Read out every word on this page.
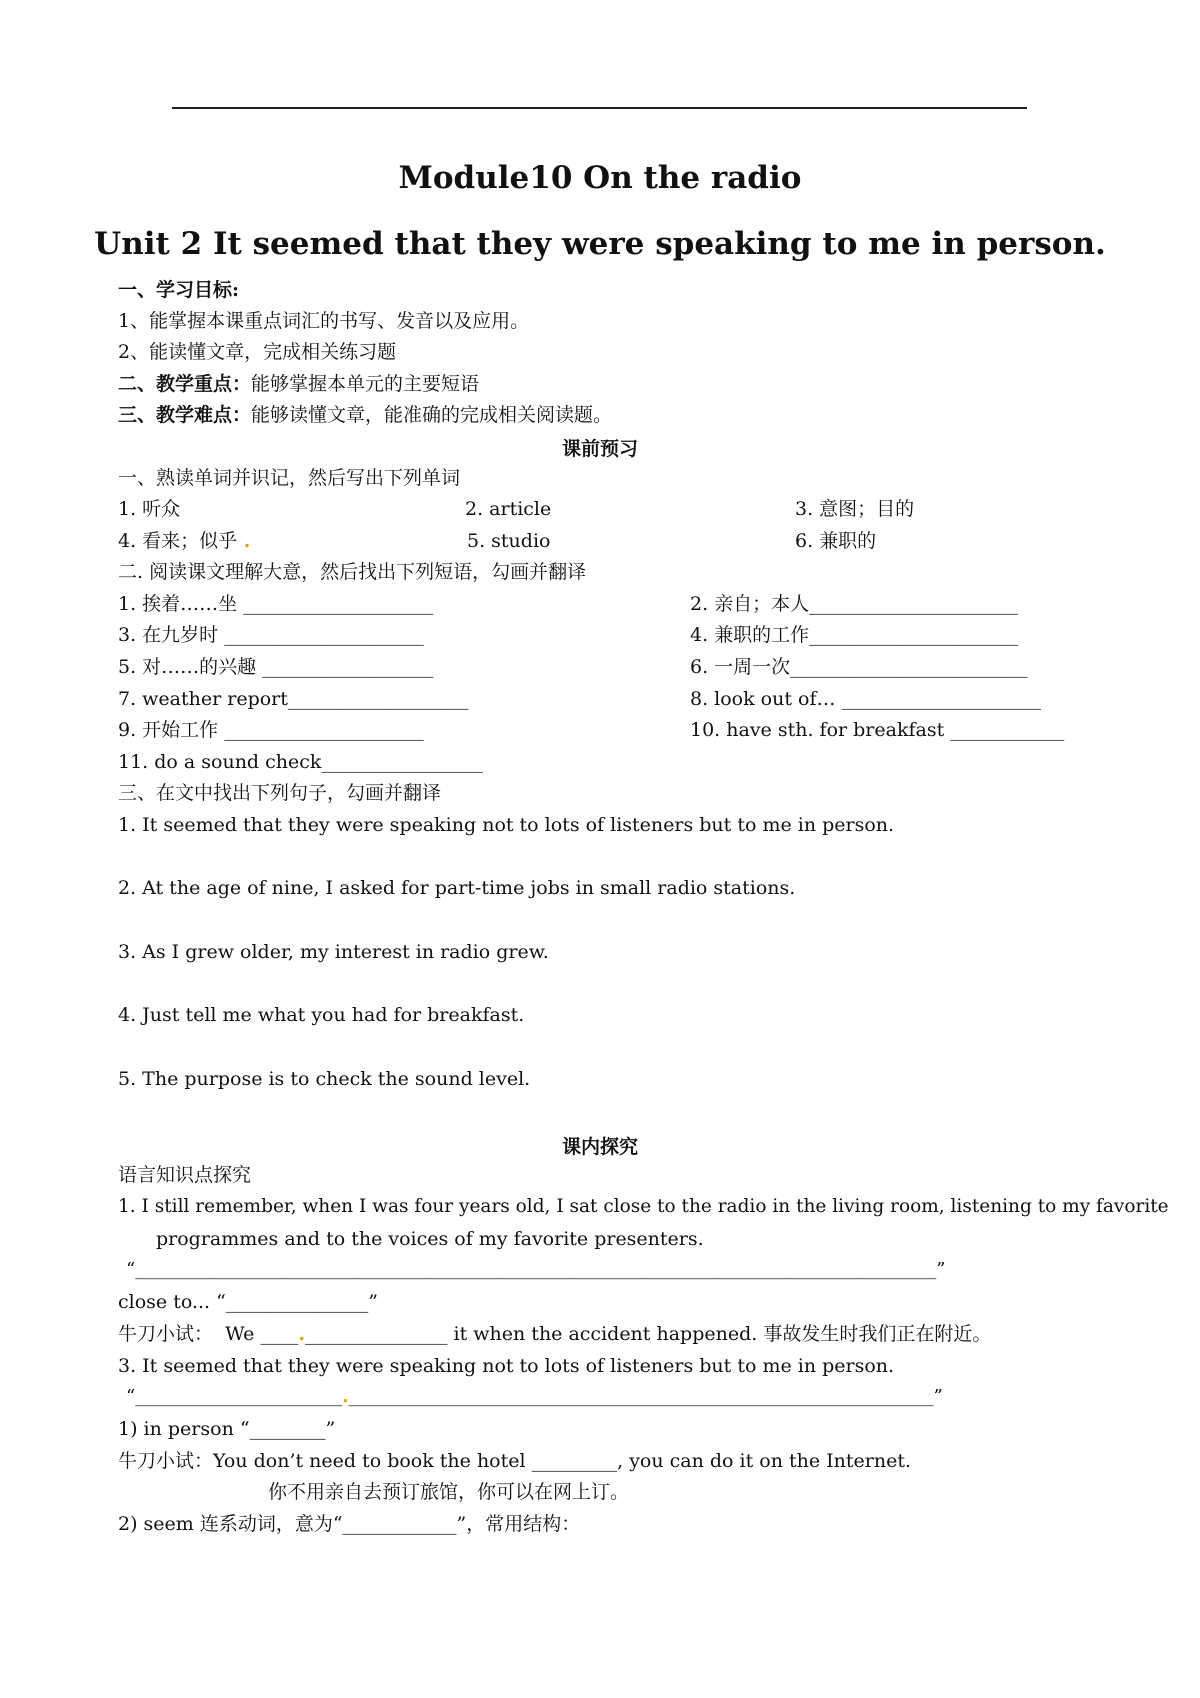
Module10 On the radio
Unit 2 It seemed that they were speaking to me in person.
一、学习目标:
1、能掌握本课重点词汇的书写、发音以及应用。
2、能读懂文章，完成相关练习题
二、教学重点：能够掌握本单元的主要短语
三、教学难点：能够读懂文章，能准确的完成相关阅读题。
课前预习
一、熟读单词并识记，然后写出下列单词
1. 听众	2. article	3. 意图；目的
4. 看来；似乎 .	5. studio	6. 兼职的
二. 阅读课文理解大意，然后找出下列短语，勾画并翻译
1. 挨着……坐 ____________________	2. 亲自；本人______________________
3. 在九岁时 _____________________	4. 兼职的工作______________________
5. 对……的兴趣 __________________	6. 一周一次_________________________
7. weather report___________________	8. look out of… _____________________
9. 开始工作 _____________________	10. have sth. for breakfast ____________
11. do a sound check_________________
三、在文中找出下列句子，勾画并翻译
1. It seemed that they were speaking not to lots of listeners but to me in person.
2. At the age of nine, I asked for part-time jobs in small radio stations.
3. As I grew older, my interest in radio grew.
4. Just tell me what you had for breakfast.
5. The purpose is to check the sound level.
课内探究
语言知识点探究
1. I still remember, when I was four years old, I sat close to the radio in the living room, listening to my favorite
programmes and to the voices of my favorite presenters.
“_________________________________________________________________________________________”
close to... “_______________”
牛刀小试： We ____._______________ it when the accident happened. 事故发生时我们正在附近。
3. It seemed that they were speaking not to lots of listeners but to me in person.
“_______________________._________________________________________________________________”
1) in person “________”
牛刀小试：You don’t need to book the hotel _________, you can do it on the Internet.
你不用亲自去预订旅馆，你可以在网上订。
2) seem 连系动词，意为“____________”，常用结构：
